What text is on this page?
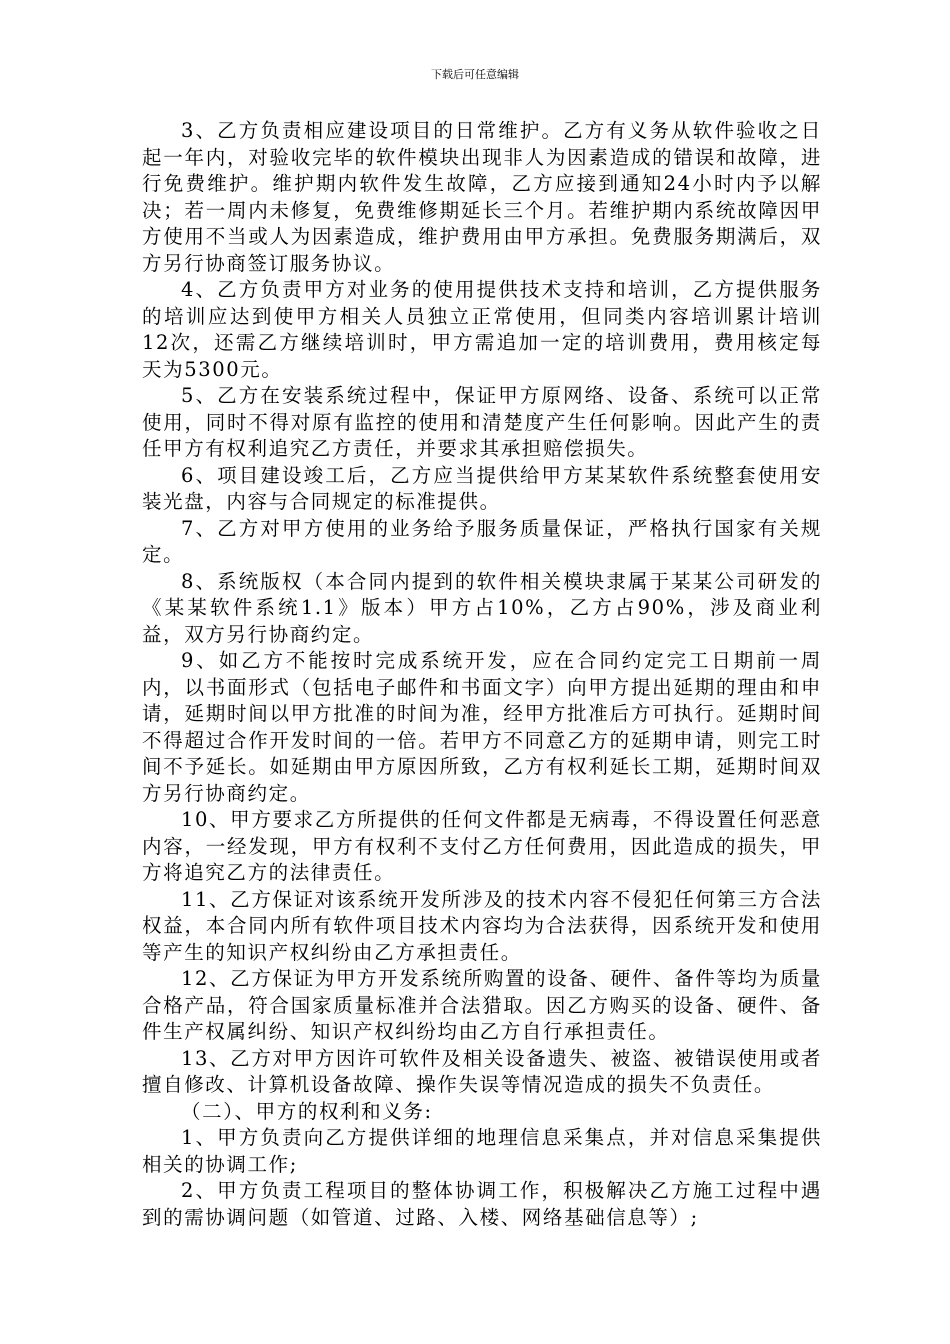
下载后可任意编辑

3、乙方负责相应建设项目的日常维护。乙方有义务从软件验收之日起一年内，对验收完毕的软件模块出现非人为因素造成的错误和故障，进行免费维护。维护期内软件发生故障，乙方应接到通知24小时内予以解决；若一周内未修复，免费维修期延长三个月。若维护期内系统故障因甲方使用不当或人为因素造成，维护费用由甲方承担。免费服务期满后，双方另行协商签订服务协议。

4、乙方负责甲方对业务的使用提供技术支持和培训，乙方提供服务的培训应达到使甲方相关人员独立正常使用，但同类内容培训累计培训12次，还需乙方继续培训时，甲方需追加一定的培训费用，费用核定每天为5300元。

5、乙方在安装系统过程中，保证甲方原网络、设备、系统可以正常使用，同时不得对原有监控的使用和清楚度产生任何影响。因此产生的责任甲方有权利追究乙方责任，并要求其承担赔偿损失。

6、项目建设竣工后，乙方应当提供给甲方某某软件系统整套使用安装光盘，内容与合同规定的标准提供。

7、乙方对甲方使用的业务给予服务质量保证，严格执行国家有关规定。

8、系统版权（本合同内提到的软件相关模块隶属于某某公司研发的《某某软件系统1.1》版本）甲方占10%，乙方占90%，涉及商业利益，双方另行协商约定。

9、如乙方不能按时完成系统开发，应在合同约定完工日期前一周内，以书面形式（包括电子邮件和书面文字）向甲方提出延期的理由和申请，延期时间以甲方批准的时间为准，经甲方批准后方可执行。延期时间不得超过合作开发时间的一倍。若甲方不同意乙方的延期申请，则完工时间不予延长。如延期由甲方原因所致，乙方有权利延长工期，延期时间双方另行协商约定。

10、甲方要求乙方所提供的任何文件都是无病毒，不得设置任何恶意内容，一经发现，甲方有权利不支付乙方任何费用，因此造成的损失，甲方将追究乙方的法律责任。

11、乙方保证对该系统开发所涉及的技术内容不侵犯任何第三方合法权益，本合同内所有软件项目技术内容均为合法获得，因系统开发和使用等产生的知识产权纠纷由乙方承担责任。

12、乙方保证为甲方开发系统所购置的设备、硬件、备件等均为质量合格产品，符合国家质量标准并合法猎取。因乙方购买的设备、硬件、备件生产权属纠纷、知识产权纠纷均由乙方自行承担责任。

13、乙方对甲方因许可软件及相关设备遗失、被盗、被错误使用或者擅自修改、计算机设备故障、操作失误等情况造成的损失不负责任。

（二）、甲方的权利和义务:

1、甲方负责向乙方提供详细的地理信息采集点，并对信息采集提供相关的协调工作;

2、甲方负责工程项目的整体协调工作，积极解决乙方施工过程中遇到的需协调问题（如管道、过路、入楼、网络基础信息等）;
